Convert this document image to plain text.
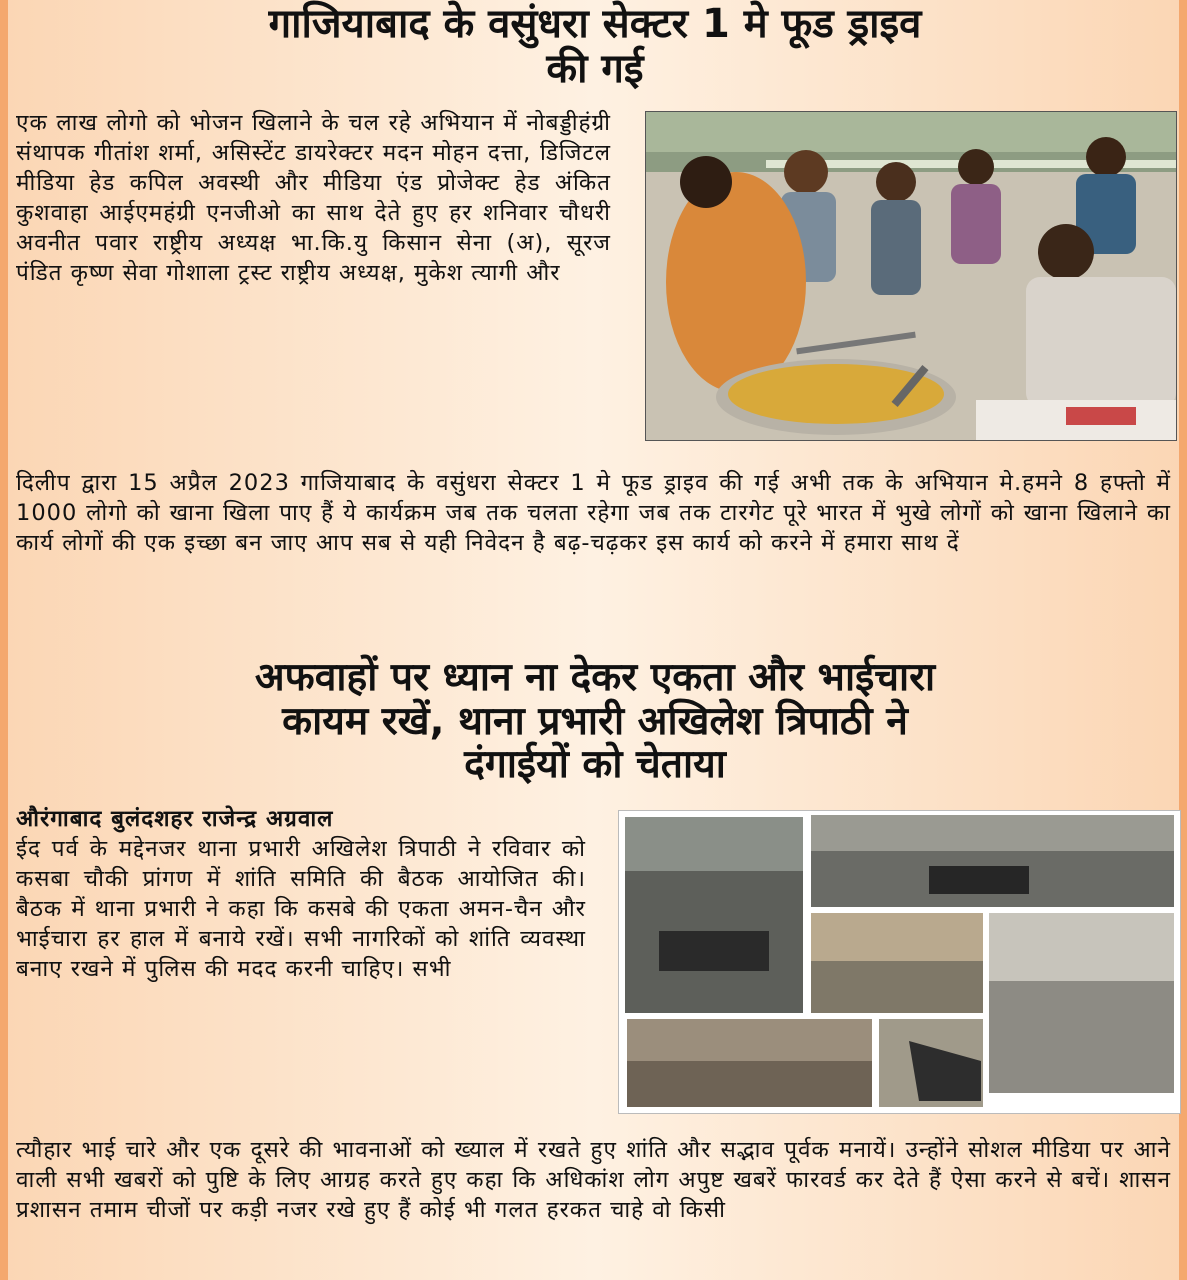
गाजियाबाद के वसुंधरा सेक्टर 1 मे फूड ड्राइव
की गई

एक लाख लोगो को भोजन खिलाने के चल रहे अभियान में नोबड्डीहंग्री संथापक गीतांश शर्मा, असिस्टेंट डायरेक्टर मदन मोहन दत्ता, डिजिटल मीडिया हेड कपिल अवस्थी और मीडिया एंड प्रोजेक्ट हेड अंकित कुशवाहा आईएमहंग्री एनजीओ का साथ देते हुए हर शनिवार चौधरी अवनीत पवार राष्ट्रीय अध्यक्ष भा.कि.यु किसान सेना (अ), सूरज पंडित कृष्ण सेवा गोशाला ट्रस्ट राष्ट्रीय अध्यक्ष, मुकेश त्यागी और

दिलीप द्वारा 15 अप्रैल 2023 गाजियाबाद के वसुंधरा सेक्टर 1 मे फूड ड्राइव की गई अभी तक के अभियान मे.हमने 8 हफ्तो में 1000 लोगो को खाना खिला पाए हैं ये कार्यक्रम जब तक चलता रहेगा जब तक टारगेट पूरे भारत में भुखे लोगों को खाना खिलाने का कार्य लोगों की एक इच्छा बन जाए आप सब से यही निवेदन है बढ़-चढ़कर इस कार्य को करने में हमारा साथ दें

अफवाहों पर ध्यान ना देकर एकता और भाईचारा
कायम रखें, थाना प्रभारी अखिलेश त्रिपाठी ने
दंगाईयों को चेताया

औरंगाबाद बुलंदशहर राजेन्द्र अग्रवाल
ईद पर्व के मद्देनजर थाना प्रभारी अखिलेश त्रिपाठी ने रविवार को कसबा चौकी प्रांगण में शांति समिति की बैठक आयोजित की। बैठक में थाना प्रभारी ने कहा कि कसबे की एकता अमन-चैन और भाईचारा हर हाल में बनाये रखें। सभी नागरिकों को शांति व्यवस्था बनाए रखने में पुलिस की मदद करनी चाहिए। सभी

त्यौहार भाई चारे और एक दूसरे की भावनाओं को ख्याल में रखते हुए शांति और सद्भाव पूर्वक मनायें। उन्होंने सोशल मीडिया पर आने वाली सभी खबरों को पुष्टि के लिए आग्रह करते हुए कहा कि अधिकांश लोग अपुष्ट खबरें फारवर्ड कर देते हैं ऐसा करने से बचें। शासन प्रशासन तमाम चीजों पर कड़ी नजर रखे हुए हैं कोई भी गलत हरकत चाहे वो किसी
